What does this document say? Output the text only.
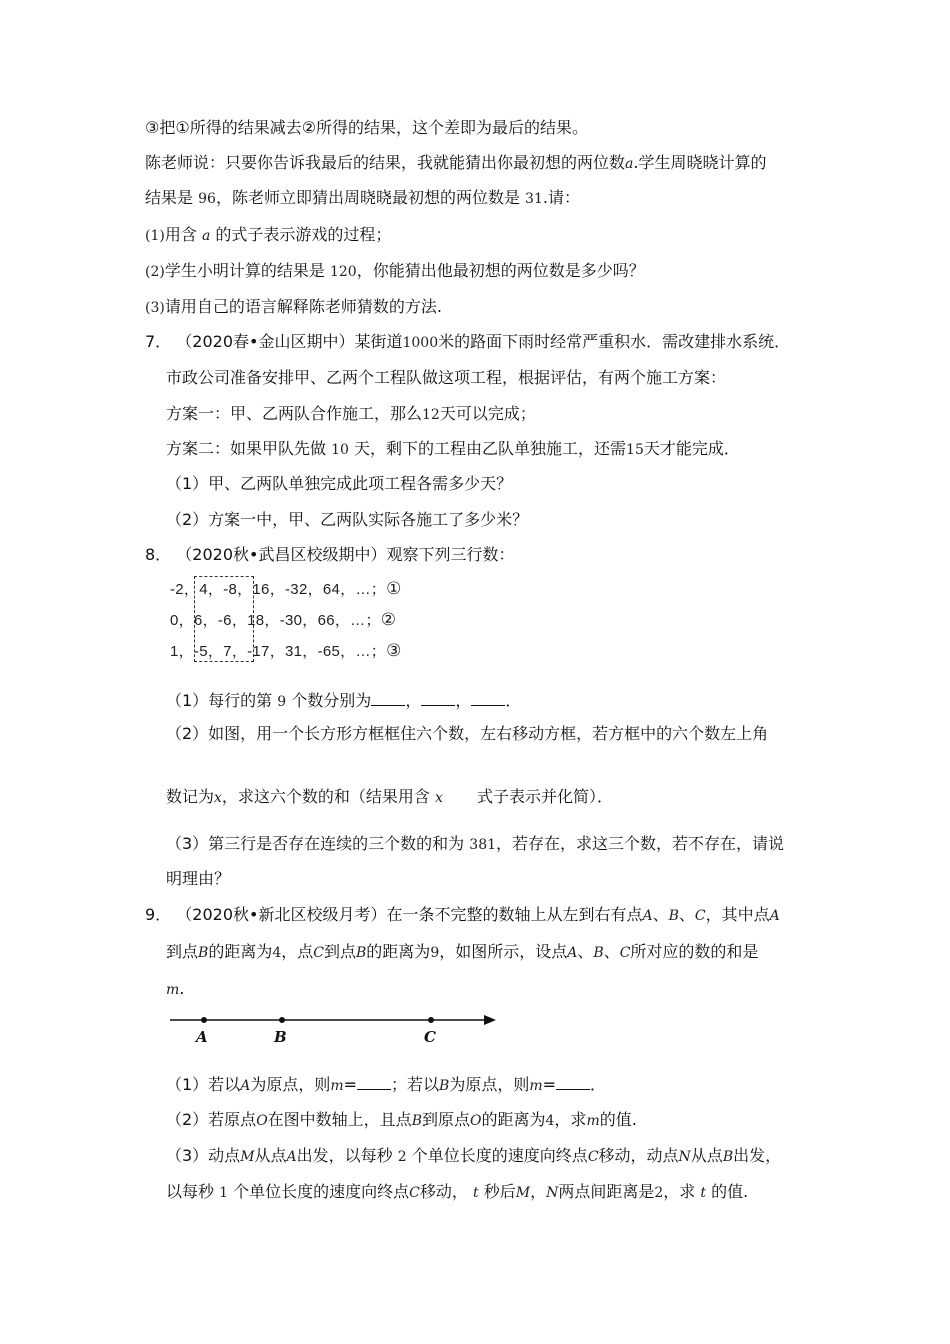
③把①所得的结果减去②所得的结果，这个差即为最后的结果。
陈老师说：只要你告诉我最后的结果，我就能猜出你最初想的两位数a.学生周晓晓计算的
结果是 96，陈老师立即猜出周晓晓最初想的两位数是 31.请：
(1)用含 a 的式子表示游戏的过程；
(2)学生小明计算的结果是 120，你能猜出他最初想的两位数是多少吗？
(3)请用自己的语言解释陈老师猜数的方法.
7． （2020春•金山区期中）某街道1000米的路面下雨时经常严重积水．需改建排水系统．
市政公司准备安排甲、乙两个工程队做这项工程，根据评估，有两个施工方案：
方案一：甲、乙两队合作施工，那么12天可以完成；
方案二：如果甲队先做 10 天，剩下的工程由乙队单独施工，还需15天才能完成．
（1）甲、乙两队单独完成此项工程各需多少天？
（2）方案一中，甲、乙两队实际各施工了多少米？
8． （2020秋•武昌区校级期中）观察下列三行数：
-2，4，-8，16，-32，64，…；①
0，6，-6，18，-30，66，…；②
1，-5，7，-17，31，-65，…；③
（1）每行的第 9 个数分别为 ， ， ．
（2）如图，用一个长方形方框框住六个数，左右移动方框，若方框中的六个数左上角
数记为x，求这六个数的和（结果用含 x 式子表示并化简）．
（3）第三行是否存在连续的三个数的和为 381，若存在，求这三个数，若不存在，请说
明理由？
9． （2020秋•新北区校级月考）在一条不完整的数轴上从左到右有点A、B、C，其中点A
到点B的距离为4，点C到点B的距离为9，如图所示，设点A、B、C所对应的数的和是
m.
A	B	C
（1）若以A为原点，则m= ；若以B为原点，则m= ．
（2）若原点O在图中数轴上，且点B到原点O的距离为4，求m的值.
（3）动点M从点A出发，以每秒 2 个单位长度的速度向终点C移动，动点N从点B出发，
以每秒 1 个单位长度的速度向终点C移动， t 秒后M，N两点间距离是2，求 t 的值.
